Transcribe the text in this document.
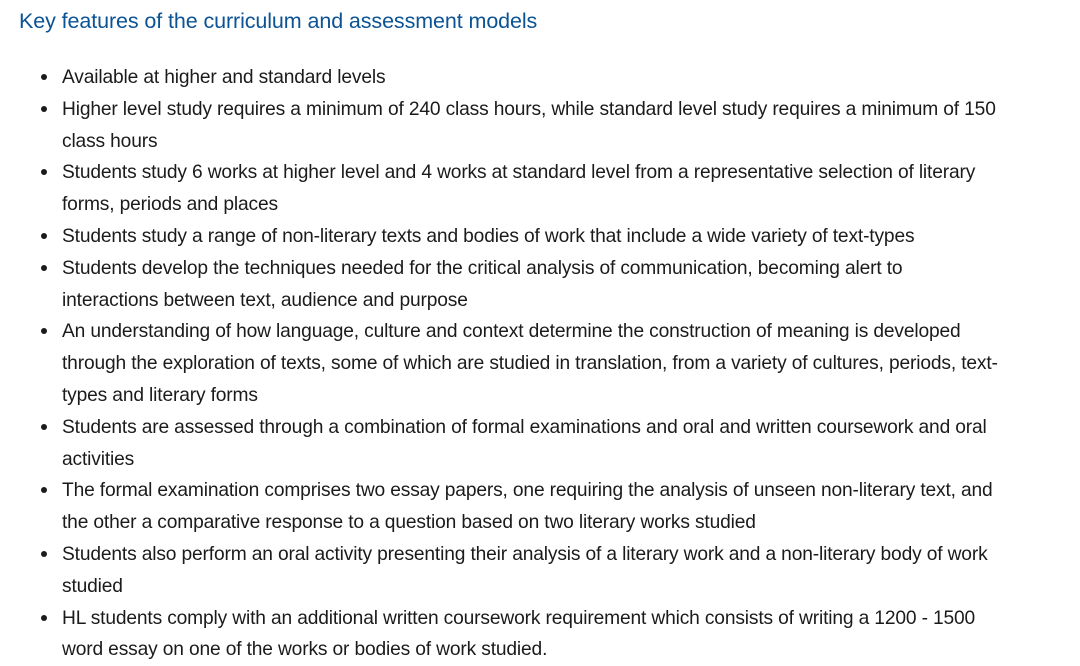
Key features of the curriculum and assessment models
Available at higher and standard levels
Higher level study requires a minimum of 240 class hours, while standard level study requires a minimum of 150 class hours
Students study 6 works at higher level and 4 works at standard level from a representative selection of literary forms, periods and places
Students study a range of non-literary texts and bodies of work that include a wide variety of text-types
Students develop the techniques needed for the critical analysis of communication, becoming alert to interactions between text, audience and purpose
An understanding of how language, culture and context determine the construction of meaning is developed through the exploration of texts, some of which are studied in translation, from a variety of cultures, periods, text-types and literary forms
Students are assessed through a combination of formal examinations and oral and written coursework and oral activities
The formal examination comprises two essay papers, one requiring the analysis of unseen non-literary text, and the other a comparative response to a question based on two literary works studied
Students also perform an oral activity presenting their analysis of a literary work and a non-literary body of work studied
HL students comply with an additional written coursework requirement which consists of writing a 1200 - 1500 word essay on one of the works or bodies of work studied.
